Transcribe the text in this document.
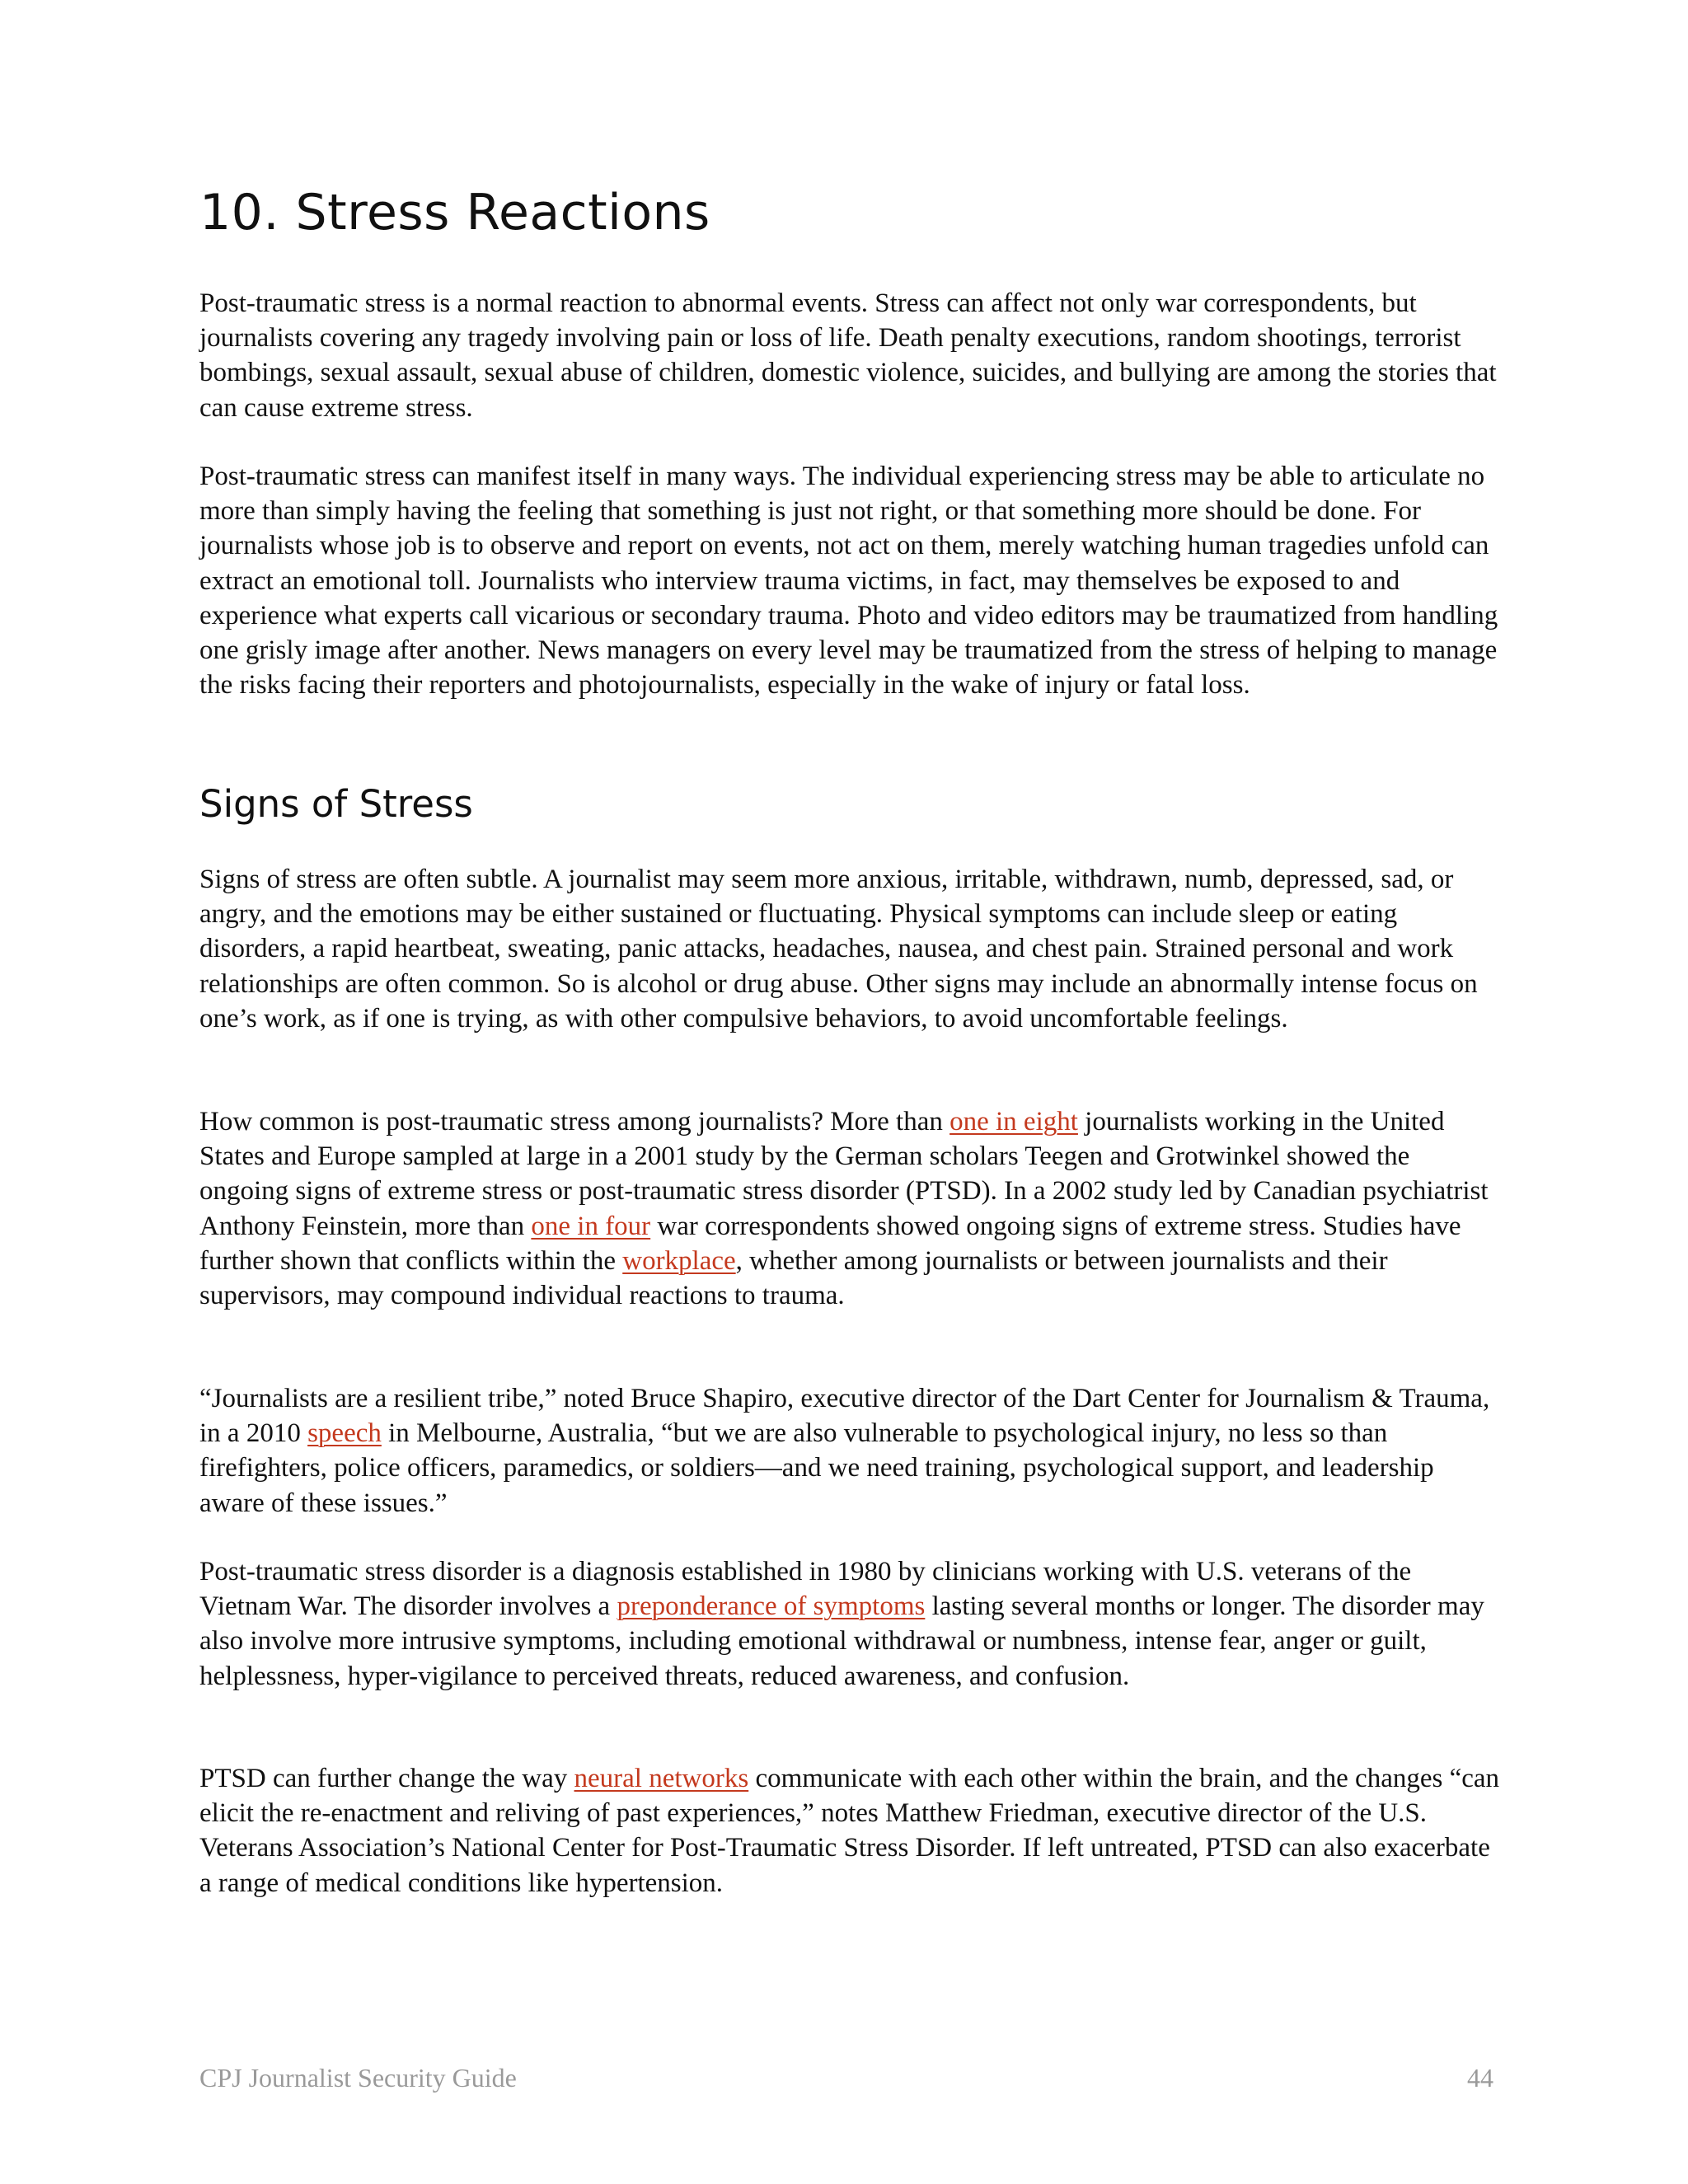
10. Stress Reactions

Post-traumatic stress is a normal reaction to abnormal events. Stress can affect not only war correspondents, but journalists covering any tragedy involving pain or loss of life. Death penalty executions, random shootings, terrorist bombings, sexual assault, sexual abuse of children, domestic violence, suicides, and bullying are among the stories that can cause extreme stress.

Post-traumatic stress can manifest itself in many ways. The individual experiencing stress may be able to articulate no more than simply having the feeling that something is just not right, or that something more should be done. For journalists whose job is to observe and report on events, not act on them, merely watching human tragedies unfold can extract an emotional toll. Journalists who interview trauma victims, in fact, may themselves be exposed to and experience what experts call vicarious or secondary trauma. Photo and video editors may be traumatized from handling one grisly image after another. News managers on every level may be traumatized from the stress of helping to manage the risks facing their reporters and photojournalists, especially in the wake of injury or fatal loss.

Signs of Stress

Signs of stress are often subtle. A journalist may seem more anxious, irritable, withdrawn, numb, depressed, sad, or angry, and the emotions may be either sustained or fluctuating. Physical symptoms can include sleep or eating disorders, a rapid heartbeat, sweating, panic attacks, headaches, nausea, and chest pain. Strained personal and work relationships are often common. So is alcohol or drug abuse. Other signs may include an abnormally intense focus on one’s work, as if one is trying, as with other compulsive behaviors, to avoid uncomfortable feelings.

How common is post-traumatic stress among journalists? More than one in eight journalists working in the United States and Europe sampled at large in a 2001 study by the German scholars Teegen and Grotwinkel showed the ongoing signs of extreme stress or post-traumatic stress disorder (PTSD). In a 2002 study led by Canadian psychiatrist Anthony Feinstein, more than one in four war correspondents showed ongoing signs of extreme stress. Studies have further shown that conflicts within the workplace, whether among journalists or between journalists and their supervisors, may compound individual reactions to trauma.

“Journalists are a resilient tribe,” noted Bruce Shapiro, executive director of the Dart Center for Journalism & Trauma, in a 2010 speech in Melbourne, Australia, “but we are also vulnerable to psychological injury, no less so than firefighters, police officers, paramedics, or soldiers—and we need training, psychological support, and leadership aware of these issues.”

Post-traumatic stress disorder is a diagnosis established in 1980 by clinicians working with U.S. veterans of the Vietnam War. The disorder involves a preponderance of symptoms lasting several months or longer. The disorder may also involve more intrusive symptoms, including emotional withdrawal or numbness, intense fear, anger or guilt, helplessness, hyper-vigilance to perceived threats, reduced awareness, and confusion.

PTSD can further change the way neural networks communicate with each other within the brain, and the changes “can elicit the re-enactment and reliving of past experiences,” notes Matthew Friedman, executive director of the U.S. Veterans Association’s National Center for Post-Traumatic Stress Disorder. If left untreated, PTSD can also exacerbate a range of medical conditions like hypertension.

CPJ Journalist Security Guide	44
